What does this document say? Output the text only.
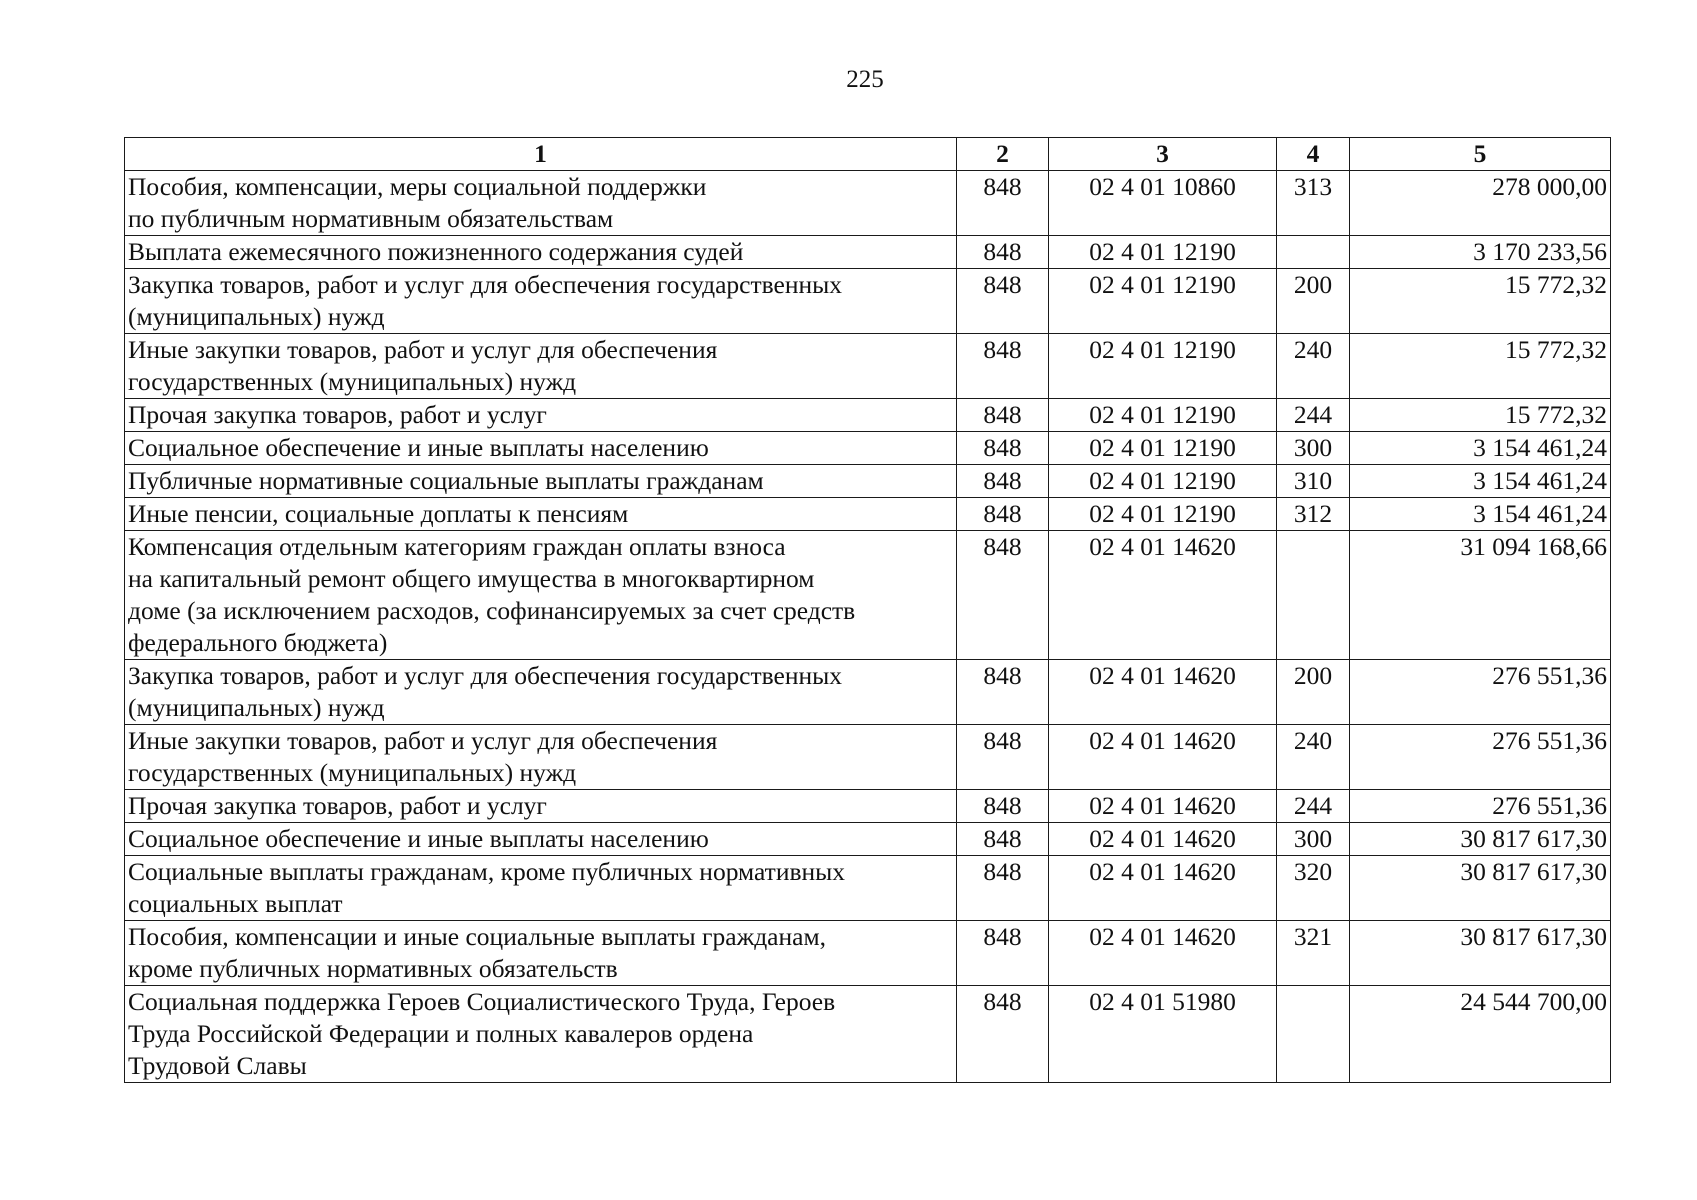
225
1	2	3	4	5
Пособия, компенсации, меры социальной поддержки
по публичным нормативным обязательствам	848	02 4 01 10860	313	278 000,00
Выплата ежемесячного пожизненного содержания судей	848	02 4 01 12190		3 170 233,56
Закупка товаров, работ и услуг для обеспечения государственных
(муниципальных) нужд	848	02 4 01 12190	200	15 772,32
Иные закупки товаров, работ и услуг для обеспечения
государственных (муниципальных) нужд	848	02 4 01 12190	240	15 772,32
Прочая закупка товаров, работ и услуг	848	02 4 01 12190	244	15 772,32
Социальное обеспечение и иные выплаты населению	848	02 4 01 12190	300	3 154 461,24
Публичные нормативные социальные выплаты гражданам	848	02 4 01 12190	310	3 154 461,24
Иные пенсии, социальные доплаты к пенсиям	848	02 4 01 12190	312	3 154 461,24
Компенсация отдельным категориям граждан оплаты взноса
на капитальный ремонт общего имущества в многоквартирном
доме (за исключением расходов, софинансируемых за счет средств
федерального бюджета)	848	02 4 01 14620		31 094 168,66
Закупка товаров, работ и услуг для обеспечения государственных
(муниципальных) нужд	848	02 4 01 14620	200	276 551,36
Иные закупки товаров, работ и услуг для обеспечения
государственных (муниципальных) нужд	848	02 4 01 14620	240	276 551,36
Прочая закупка товаров, работ и услуг	848	02 4 01 14620	244	276 551,36
Социальное обеспечение и иные выплаты населению	848	02 4 01 14620	300	30 817 617,30
Социальные выплаты гражданам, кроме публичных нормативных
социальных выплат	848	02 4 01 14620	320	30 817 617,30
Пособия, компенсации и иные социальные выплаты гражданам,
кроме публичных нормативных обязательств	848	02 4 01 14620	321	30 817 617,30
Социальная поддержка Героев Социалистического Труда, Героев
Труда Российской Федерации и полных кавалеров ордена
Трудовой Славы	848	02 4 01 51980		24 544 700,00
